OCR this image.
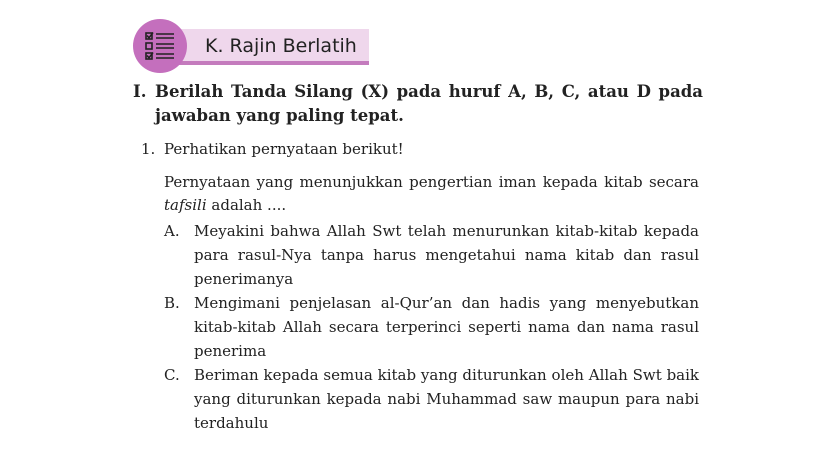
K. Rajin Berlatih
I. Berilah Tanda Silang (X) pada huruf A, B, C, atau D pada jawaban yang paling tepat.
1. Perhatikan pernyataan berikut!
Pernyataan yang menunjukkan pengertian iman kepada kitab secara tafsili adalah ....
A. Meyakini bahwa Allah Swt telah menurunkan kitab-kitab kepada para rasul-Nya tanpa harus mengetahui nama kitab dan rasul penerimanya
B. Mengimani penjelasan al-Qur’an dan hadis yang menyebutkan kitab-kitab Allah secara terperinci seperti nama dan nama rasul penerima
C. Beriman kepada semua kitab yang diturunkan oleh Allah Swt baik yang diturunkan kepada nabi Muhammad saw maupun para nabi terdahulu
